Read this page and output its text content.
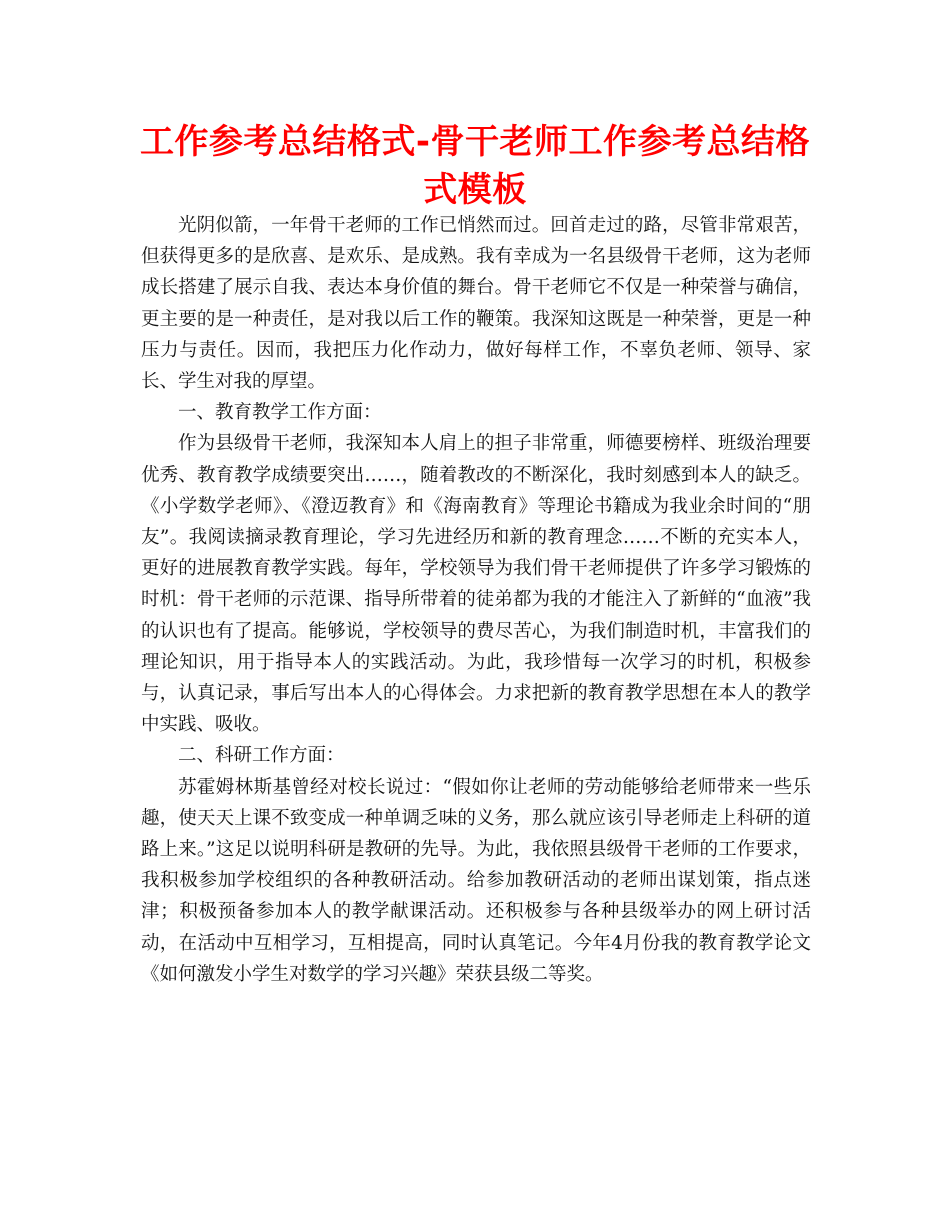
工作参考总结格式-骨干老师工作参考总结格式模板

光阴似箭，一年骨干老师的工作已悄然而过。回首走过的路，尽管非常艰苦，但获得更多的是欣喜、是欢乐、是成熟。我有幸成为一名县级骨干老师，这为老师成长搭建了展示自我、表达本身价值的舞台。骨干老师它不仅是一种荣誉与确信，更主要的是一种责任，是对我以后工作的鞭策。我深知这既是一种荣誉，更是一种压力与责任。因而，我把压力化作动力，做好每样工作，不辜负老师、领导、家长、学生对我的厚望。

一、教育教学工作方面：

作为县级骨干老师，我深知本人肩上的担子非常重，师德要榜样、班级治理要优秀、教育教学成绩要突出……，随着教改的不断深化，我时刻感到本人的缺乏。《小学数学老师》、《澄迈教育》和《海南教育》等理论书籍成为我业余时间的“朋友”。我阅读摘录教育理论，学习先进经历和新的教育理念……不断的充实本人，更好的进展教育教学实践。每年，学校领导为我们骨干老师提供了许多学习锻炼的时机：骨干老师的示范课、指导所带着的徒弟都为我的才能注入了新鲜的“血液”我的认识也有了提高。能够说，学校领导的费尽苦心，为我们制造时机，丰富我们的理论知识，用于指导本人的实践活动。为此，我珍惜每一次学习的时机，积极参与，认真记录，事后写出本人的心得体会。力求把新的教育教学思想在本人的教学中实践、吸收。

二、科研工作方面：

苏霍姆林斯基曾经对校长说过：“假如你让老师的劳动能够给老师带来一些乐趣，使天天上课不致变成一种单调乏味的义务，那么就应该引导老师走上科研的道路上来。”这足以说明科研是教研的先导。为此，我依照县级骨干老师的工作要求，我积极参加学校组织的各种教研活动。给参加教研活动的老师出谋划策，指点迷津；积极预备参加本人的教学献课活动。还积极参与各种县级举办的网上研讨活动，在活动中互相学习，互相提高，同时认真笔记。今年4月份我的教育教学论文《如何激发小学生对数学的学习兴趣》荣获县级二等奖。
